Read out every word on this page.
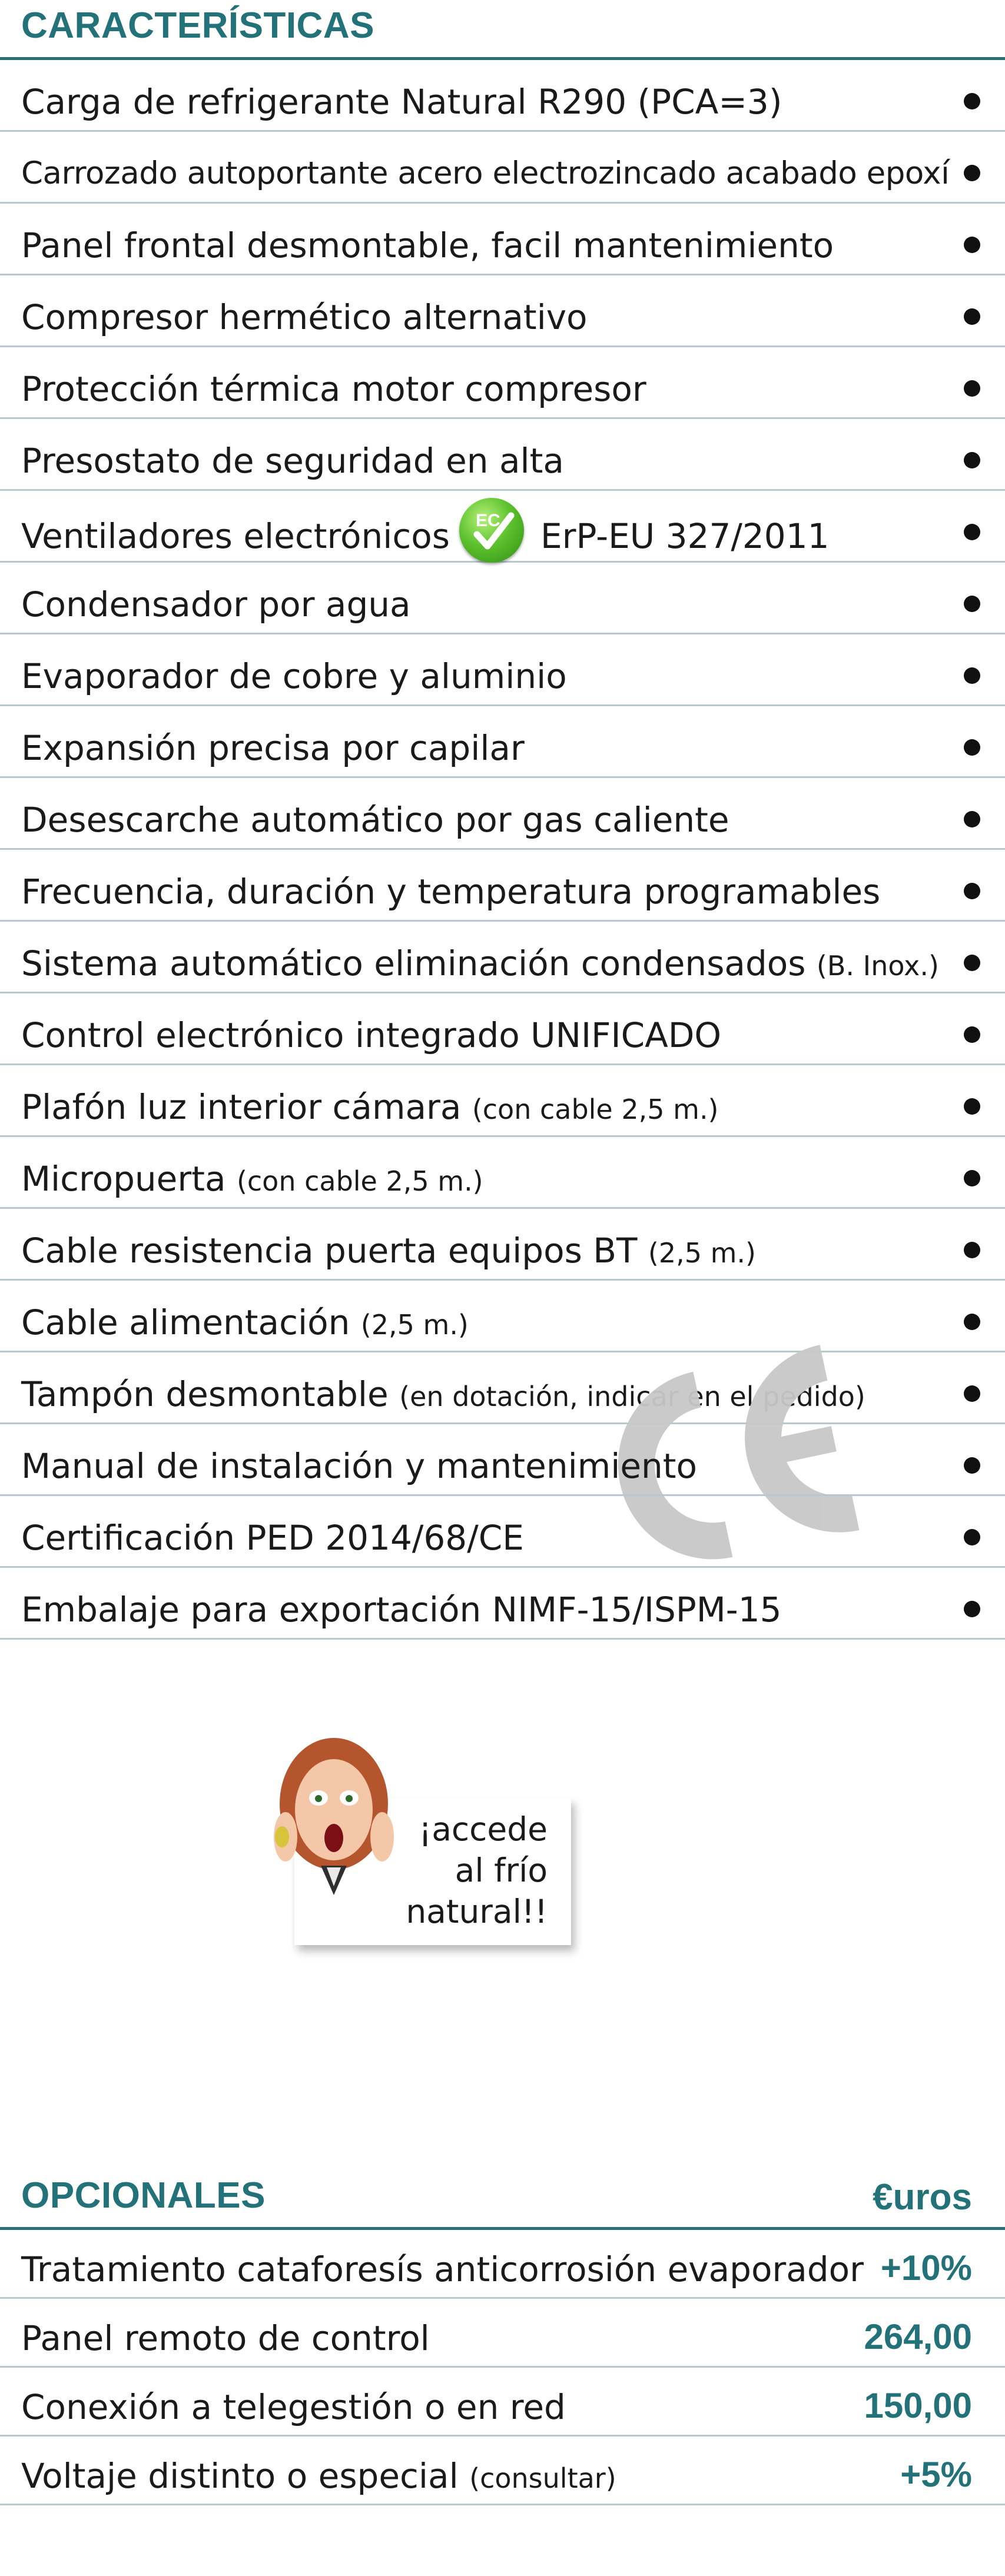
CARACTERÍSTICAS
Carga de refrigerante Natural R290 (PCA=3)
Carrozado autoportante acero electrozincado acabado epoxí
Panel frontal desmontable, facil mantenimiento
Compresor hermético alternativo
Protección térmica motor compresor
Presostato de seguridad en alta
Ventiladores electrónicos EC ErP-EU 327/2011
Condensador por agua
Evaporador de cobre y aluminio
Expansión precisa por capilar
Desescarche automático por gas caliente
Frecuencia, duración y temperatura programables
Sistema automático eliminación condensados (B. Inox.)
Control electrónico integrado UNIFICADO
Plafón luz interior cámara (con cable 2,5 m.)
Micropuerta (con cable 2,5 m.)
Cable resistencia puerta equipos BT (2,5 m.)
Cable alimentación (2,5 m.)
Tampón desmontable (en dotación, indicar en el pedido)
CE
Manual de instalación y mantenimiento
Certificación PED 2014/68/CE
Embalaje para exportación NIMF-15/ISPM-15
¡accede
al frío
natural!!
OPCIONALES	€uros

Tratamiento cataforesís anticorrosión evaporador +10%
Panel remoto de control	264,00
Conexión a telegestión o en red	150,00
Voltaje distinto o especial (consultar)	+5%
